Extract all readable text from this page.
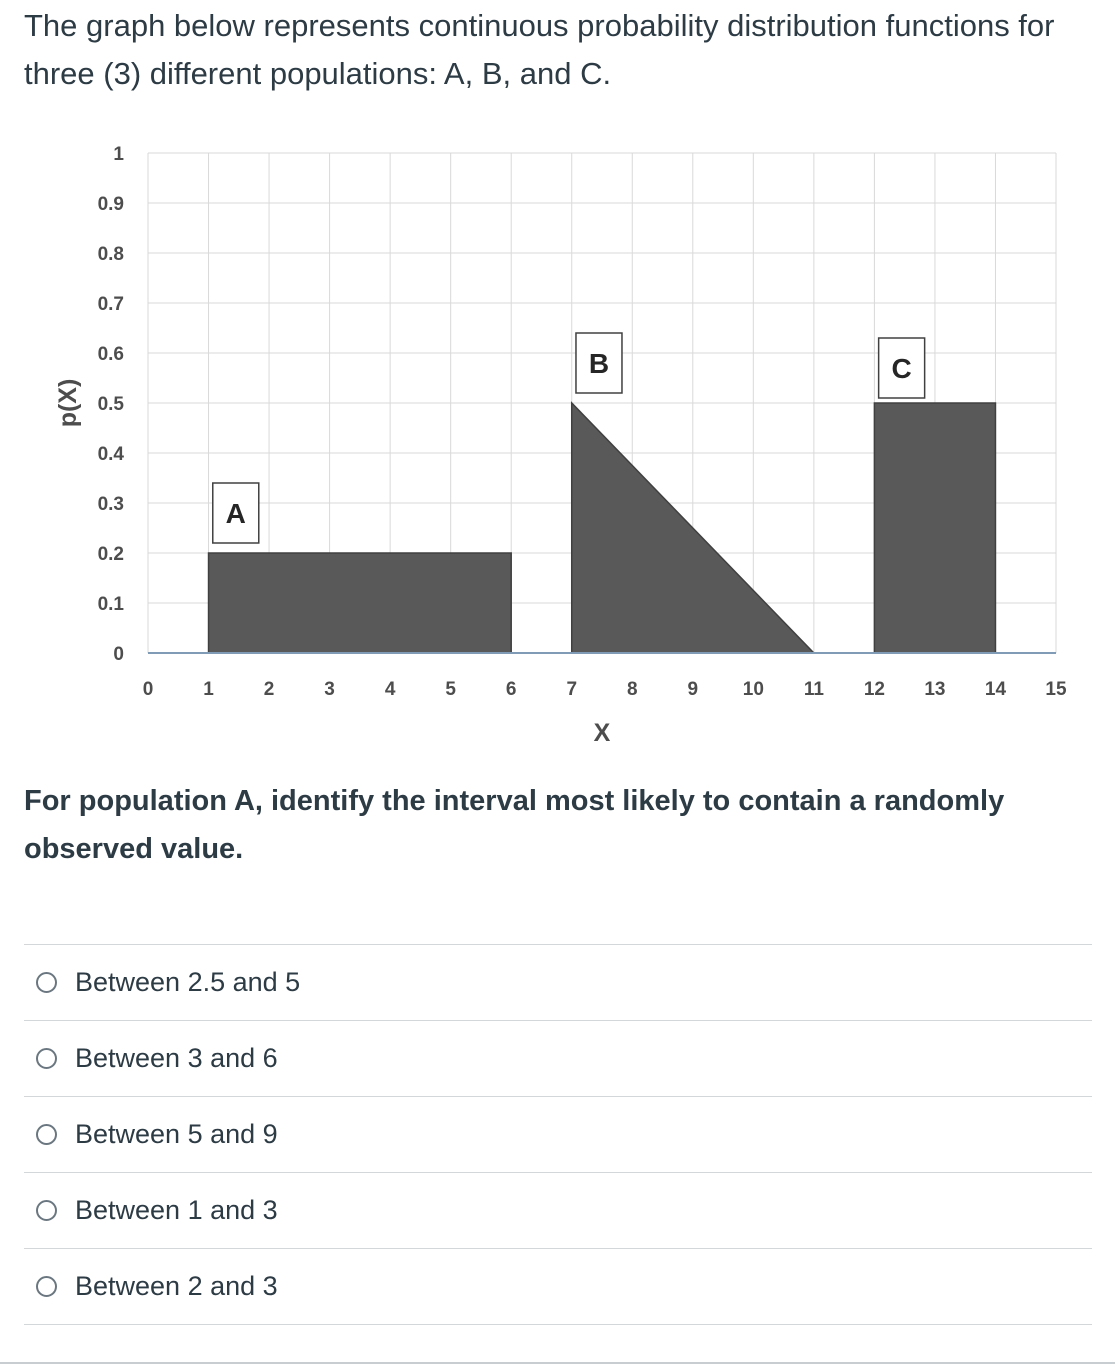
The graph below represents continuous probability distribution functions for three (3) different populations: A, B, and C.

0
0.1
0.2
0.3
0.4
0.5
0.6
0.7
0.8
0.9
1
0	1	2	3	4	5	6	7	8	9 10 11 12 13 14 15
X
p(X)
A
B	C

For population A, identify the interval most likely to contain a randomly observed value.

Between 2.5 and 5
Between 3 and 6
Between 5 and 9
Between 1 and 3
Between 2 and 3
